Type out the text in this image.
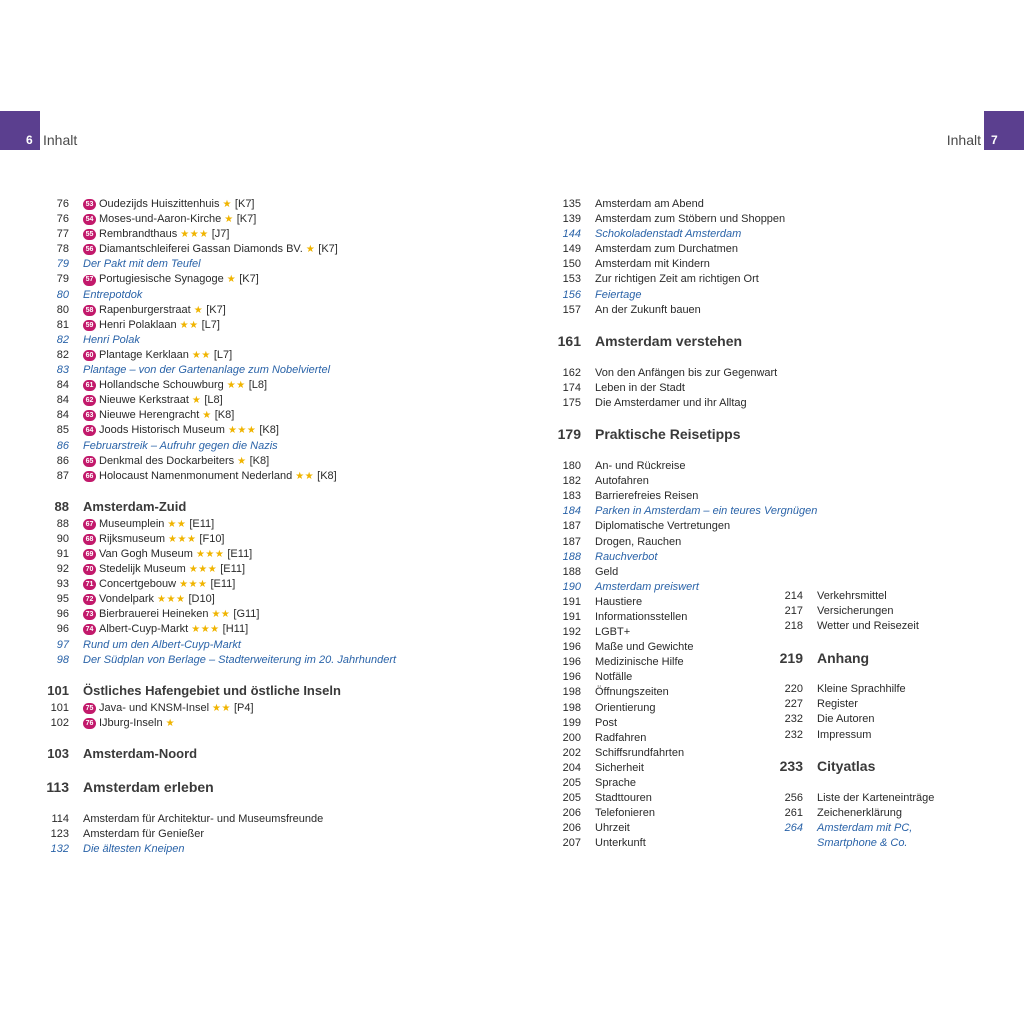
6 Inhalt	Inhalt 7
76	53 Oudezijds Huiszittenhuis ★ [K7]
76	54 Moses-und-Aaron-Kirche ★ [K7]
77	55 Rembrandthaus ★★★ [J7]
78	56 Diamantschleiferei Gassan Diamonds BV. ★ [K7]
79 Der Pakt mit dem Teufel
79	57 Portugiesische Synagoge ★ [K7]
80 Entrepotdok
80	58 Rapenburgerstraat ★ [K7]
81	59 Henri Polaklaan ★★ [L7]
82 Henri Polak
82	60 Plantage Kerklaan ★★ [L7]
83 Plantage – von der Gartenanlage zum Nobelviertel
84	61 Hollandsche Schouwburg ★★ [L8]
84	62 Nieuwe Kerkstraat ★ [L8]
84	63 Nieuwe Herengracht ★ [K8]
85	64 Joods Historisch Museum ★★★ [K8]
86 Februarstreik – Aufruhr gegen die Nazis
86	65 Denkmal des Dockarbeiters ★ [K8]
87	66 Holocaust Namenmonument Nederland ★★ [K8]
88 Amsterdam-Zuid
88	67 Museumplein ★★ [E11]
90	68 Rijksmuseum ★★★ [F10]
91	69 Van Gogh Museum ★★★ [E11]
92	70 Stedelijk Museum ★★★ [E11]
93	71 Concertgebouw ★★★ [E11]
95	72 Vondelpark ★★★ [D10]
96	73 Bierbrauerei Heineken ★★ [G11]
96	74 Albert-Cuyp-Markt ★★★ [H11]
97 Rund um den Albert-Cuyp-Markt
98 Der Südplan von Berlage – Stadterweiterung im 20. Jahrhundert
101 Östliches Hafengebiet und östliche Inseln
101	75 Java- und KNSM-Insel ★★ [P4]
102	76 IJburg-Inseln ★
103 Amsterdam-Noord
113 Amsterdam erleben
114 Amsterdam für Architektur- und Museumsfreunde
123 Amsterdam für Genießer
132 Die ältesten Kneipen
135 Amsterdam am Abend
139 Amsterdam zum Stöbern und Shoppen
144 Schokoladenstadt Amsterdam
149 Amsterdam zum Durchatmen
150 Amsterdam mit Kindern
153 Zur richtigen Zeit am richtigen Ort
156 Feiertage
157 An der Zukunft bauen
161 Amsterdam verstehen
162 Von den Anfängen bis zur Gegenwart
174 Leben in der Stadt
175 Die Amsterdamer und ihr Alltag
179 Praktische Reisetipps
180 An- und Rückreise
182 Autofahren
183 Barrierefreies Reisen
184 Parken in Amsterdam – ein teures Vergnügen
187 Diplomatische Vertretungen
187 Drogen, Rauchen
188 Rauchverbot
188 Geld
190 Amsterdam preiswert
191 Haustiere
191 Informationsstellen
192 LGBT+
196 Maße und Gewichte
196 Medizinische Hilfe
196 Notfälle
198 Öffnungszeiten
198 Orientierung
199 Post
200 Radfahren
202 Schiffsrundfahrten
204 Sicherheit
205 Sprache
205 Stadttouren
206 Telefonieren
206 Uhrzeit
207 Unterkunft
214 Verkehrsmittel
217 Versicherungen
218 Wetter und Reisezeit
219 Anhang
220 Kleine Sprachhilfe
227 Register
232 Die Autoren
232 Impressum
233 Cityatlas
256 Liste der Karteneinträge
261 Zeichenerklärung
264 Amsterdam mit PC,
Smartphone & Co.
